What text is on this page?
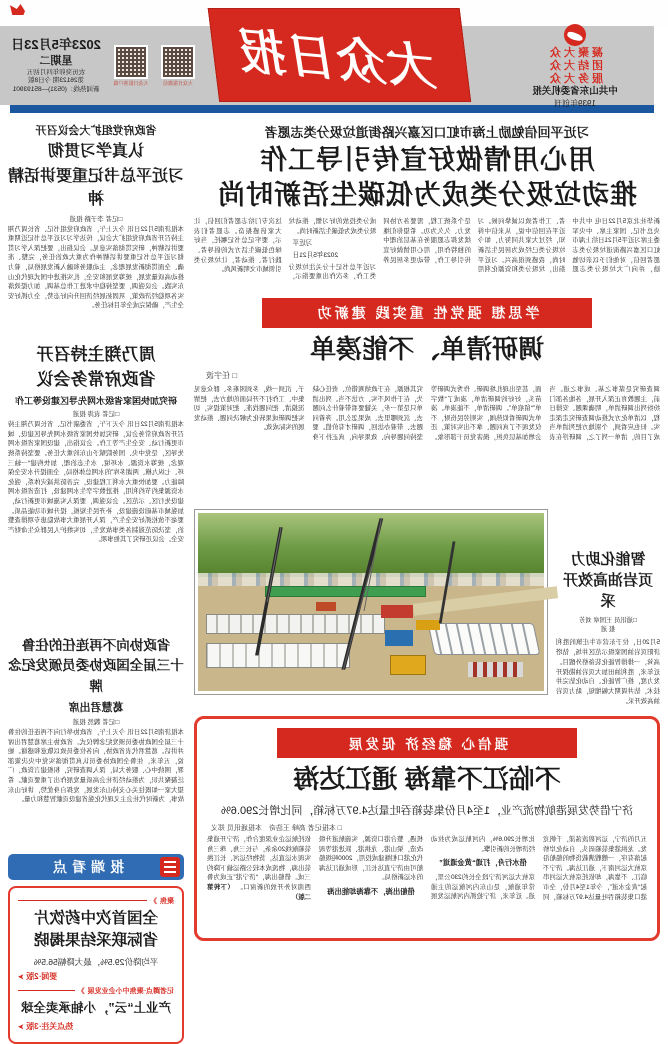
凝聚大众
团结大众
服务大众
中共山东省委机关报
1939年创刊
大众日报
大众日报微信
大众日报客户端
2023年5月23日
星期二
农历癸卯年四月初五
第26123期 今日8版
新闻热线：(0531)—85193901
习近平回信勉励上海市虹口区嘉兴路街道垃圾分类志愿者
用心用情做好宣传引导工作
推动垃圾分类成为低碳生活新时尚
新华社北京5月22日电 中共中央总书记、国家主席、中央军委主席习近平5月21日给上海市虹口区嘉兴路街道垃圾分类志愿者回信，对他们予以亲切勉励，并向广大垃圾分类志愿者、工作者致以诚挚问候。习近平在回信中说，从来信中得知，经过大家共同努力，如今垃圾分类已经成为居民生活新时尚，我感到很高兴。习近平指出，垃圾分类和资源化利用是个系统工程，需要各方协同发力、久久为功。希望你们继续发挥志愿服务在基层治理中的独特作用，用心用情做好宣传引导工作，带动更多居民养成分类投放的好习惯，推动垃圾分类成为低碳生活新时尚。
习近平
2023年5月21日
习近平总书记十分关注垃圾分类工作，多次作出重要指示，这次专门给志愿者们回信，让大家倍感振奋。志愿者们表示，要牢记总书记嘱托，当好绿色低碳生活方式的倡导者、践行者、推动者，让垃圾分类引领城市文明新风尚。
学思想 强党性 重实践 建新功
调研清单、不能凑单
□ 任宇波
调查研究是谋事之基、成事之道。当前，主题教育正深入开展，各地各部门纷纷列出调研清单，明确课题、安排日程，以清单化方式推动调查研究走深走实。但也应看到，个别地方把列清单当成了目的，清单一列了之，调研浮在表面，甚至出现扎堆调研、作秀式调研等苗头，好好的调研清单，凑成了“数字单”“留痕单”。调研清单，不能凑单。凑单式调研看似热闹，实则劳民伤财，不仅发现不了真问题、拿不出实对策，还会增加基层负担，损害党员干部形象。究其根源，在于政绩观错位、责任心缺失，在于作风不实、方法不当。列出清单只是第一步，关键要看带着什么问题去、沉到哪里去、成果怎么用。奔着问题去、带着办法回，调研才有价值。要坚持问题导向、效果导向，真正扑下身子、沉到一线，多到困难多、群众意见集中、工作打不开局面的地方去，把情况摸清、把问题找准、把对策提实，切实把调研成果转化为解决问题、推动发展的实际成效。
智能化助力
页岩油高效开采
□通讯员 王国章 刘芳
报 道
5月20日，位于东营市牛庄镇的胜利济阳页岩油国家级示范区井场，钻塔高耸，一排排智能化装备格外醒目。近年来，胜利油田加大页岩油勘探开发力度，推广智能化、自动化钻完井技术，钻井周期大幅缩短，助力页岩油高效开采。
强信心 稳经济 促发展
不临江不靠海 通江达海
济宁借势发展港航物流产业，1至4月份集装箱吞吐量达4.97万标箱，同比增长290.6%
□ 本报记者 高峰 王浩奇　本报通讯员 郑义
五月的济宁，运河碧波荡漾，千帆竞发。龙拱港集装箱码头，自动化岸桥起落有序，一艘艘满载货物的船舶沿京杭大运河南下，通江达海。济宁不临江、不靠海，却依托京杭大运河串起“黄金水道”，今年1至4月份，全市港口集装箱吞吐量达4.97万标箱，同比增长290.6%，内河航运成为拉动经济增长的新引擎。
借水行舟，打通“黄金通道”
京杭大运河济宁段全长约230公里，常年通航，是山东内河航运的主通道。近年来，济宁抢抓内河航运发展机遇，整合港口资源，实施航道升级改造，梁山港、龙拱港、跃进港等现代化港口相继建成投用，2000吨级船舶可由济宁直达长江，形成通江达海的水运新格局。
借船出海，不靠海却能出海
依托航运企业深度合作，济宁开通集装箱航线20余条，与长三角、珠三角实现水运直达，货物经运河、长江换装出海，物流成本较公路运输下降约三成。借船出海，“济宁港”正成为鲁西南对外开放的新窗口。 （下转第二版）
省政府党组扩大会议召开
认真学习贯彻
习近平总书记重要讲话精神
□记者 李子路 报道
本报济南5月22日讯 今天上午，省政府党组书记、省长周乃翔主持召开省政府党组扩大会议，传达学习习近平总书记近期重要讲话精神，研究贯彻落实意见。会议指出，要把深入学习贯彻习近平总书记重要讲话精神作为重大政治任务，完整、准确、全面贯彻新发展理念，主动服务和融入新发展格局，着力推动高质量发展，统筹发展和安全，扎实推进中国式现代化山东实践。会议强调，要坚持稳中求进工作总基调，加力提效落实各项稳经济政策，巩固拓展经济回升向好态势，全力抓好安全生产，确保完成全年目标任务。
周乃翔主持召开
省政府常务会议
研究加快国家省级水网先导区建设等工作
□记者 袁涛 报道
本报济南5月22日讯 今天下午，省委副书记、省长周乃翔主持召开省政府常务会议，研究加快国家省级水网先导区建设、城市更新行动、安全生产等工作。会议指出，建设国家省级水网先导区，是党中央、国务院赋予山东的重大任务。要坚持系统观念，统筹水资源、水环境、水生态治理，加快构建“一轴三环、七纵九横、两湖多库”的水网总体格局，全面提升水安全保障能力。要加快重大水利工程建设，完善防洪减灾体系，强化水资源集约节约利用，推进数字孪生水网建设，打造省级水网建设先行区、示范区。会议强调，要深入实施城市更新行动，加强城市基础设施建设，补齐民生短板，提升城市功能品质。要毫不放松抓好安全生产，深入开展重大事故隐患专项排查整治，坚决防范遏制各类事故发生，切实维护人民群众生命财产安全。会议还研究了其他事项。
省政协向不再连任的住鲁
十三届全国政协委员颁发纪念牌
葛慧君出席
□记者 魏然 报道
本报济南5月22日讯 今天上午，省政协举行向不再连任的住鲁十三届全国政协委员颁发纪念牌仪式。省政协主席葛慧君出席并讲话。葛慧君代表省政协，向各位委员致以敬意和感谢。她说，五年来，住鲁全国政协委员认真贯彻落实党中央决策部署，围绕中心、服务大局，深入调查研究，积极建言资政，广泛凝聚共识，为推动经济社会高质量发展作出了重要贡献。希望大家一如既往关心支持山东发展，发挥自身优势，讲好山东故事，为新时代社会主义现代化强省建设贡献智慧和力量。
报端看点
聚焦
》
全国首次中药饮片
省际联采结果揭晓
平均降价29.5%，最大降幅56.5%
要闻·2版 ➤
记者蹲点·聚焦中小企业发展
》
产业上“云”，小轴承卖全球
热点关注·3版 ➤
